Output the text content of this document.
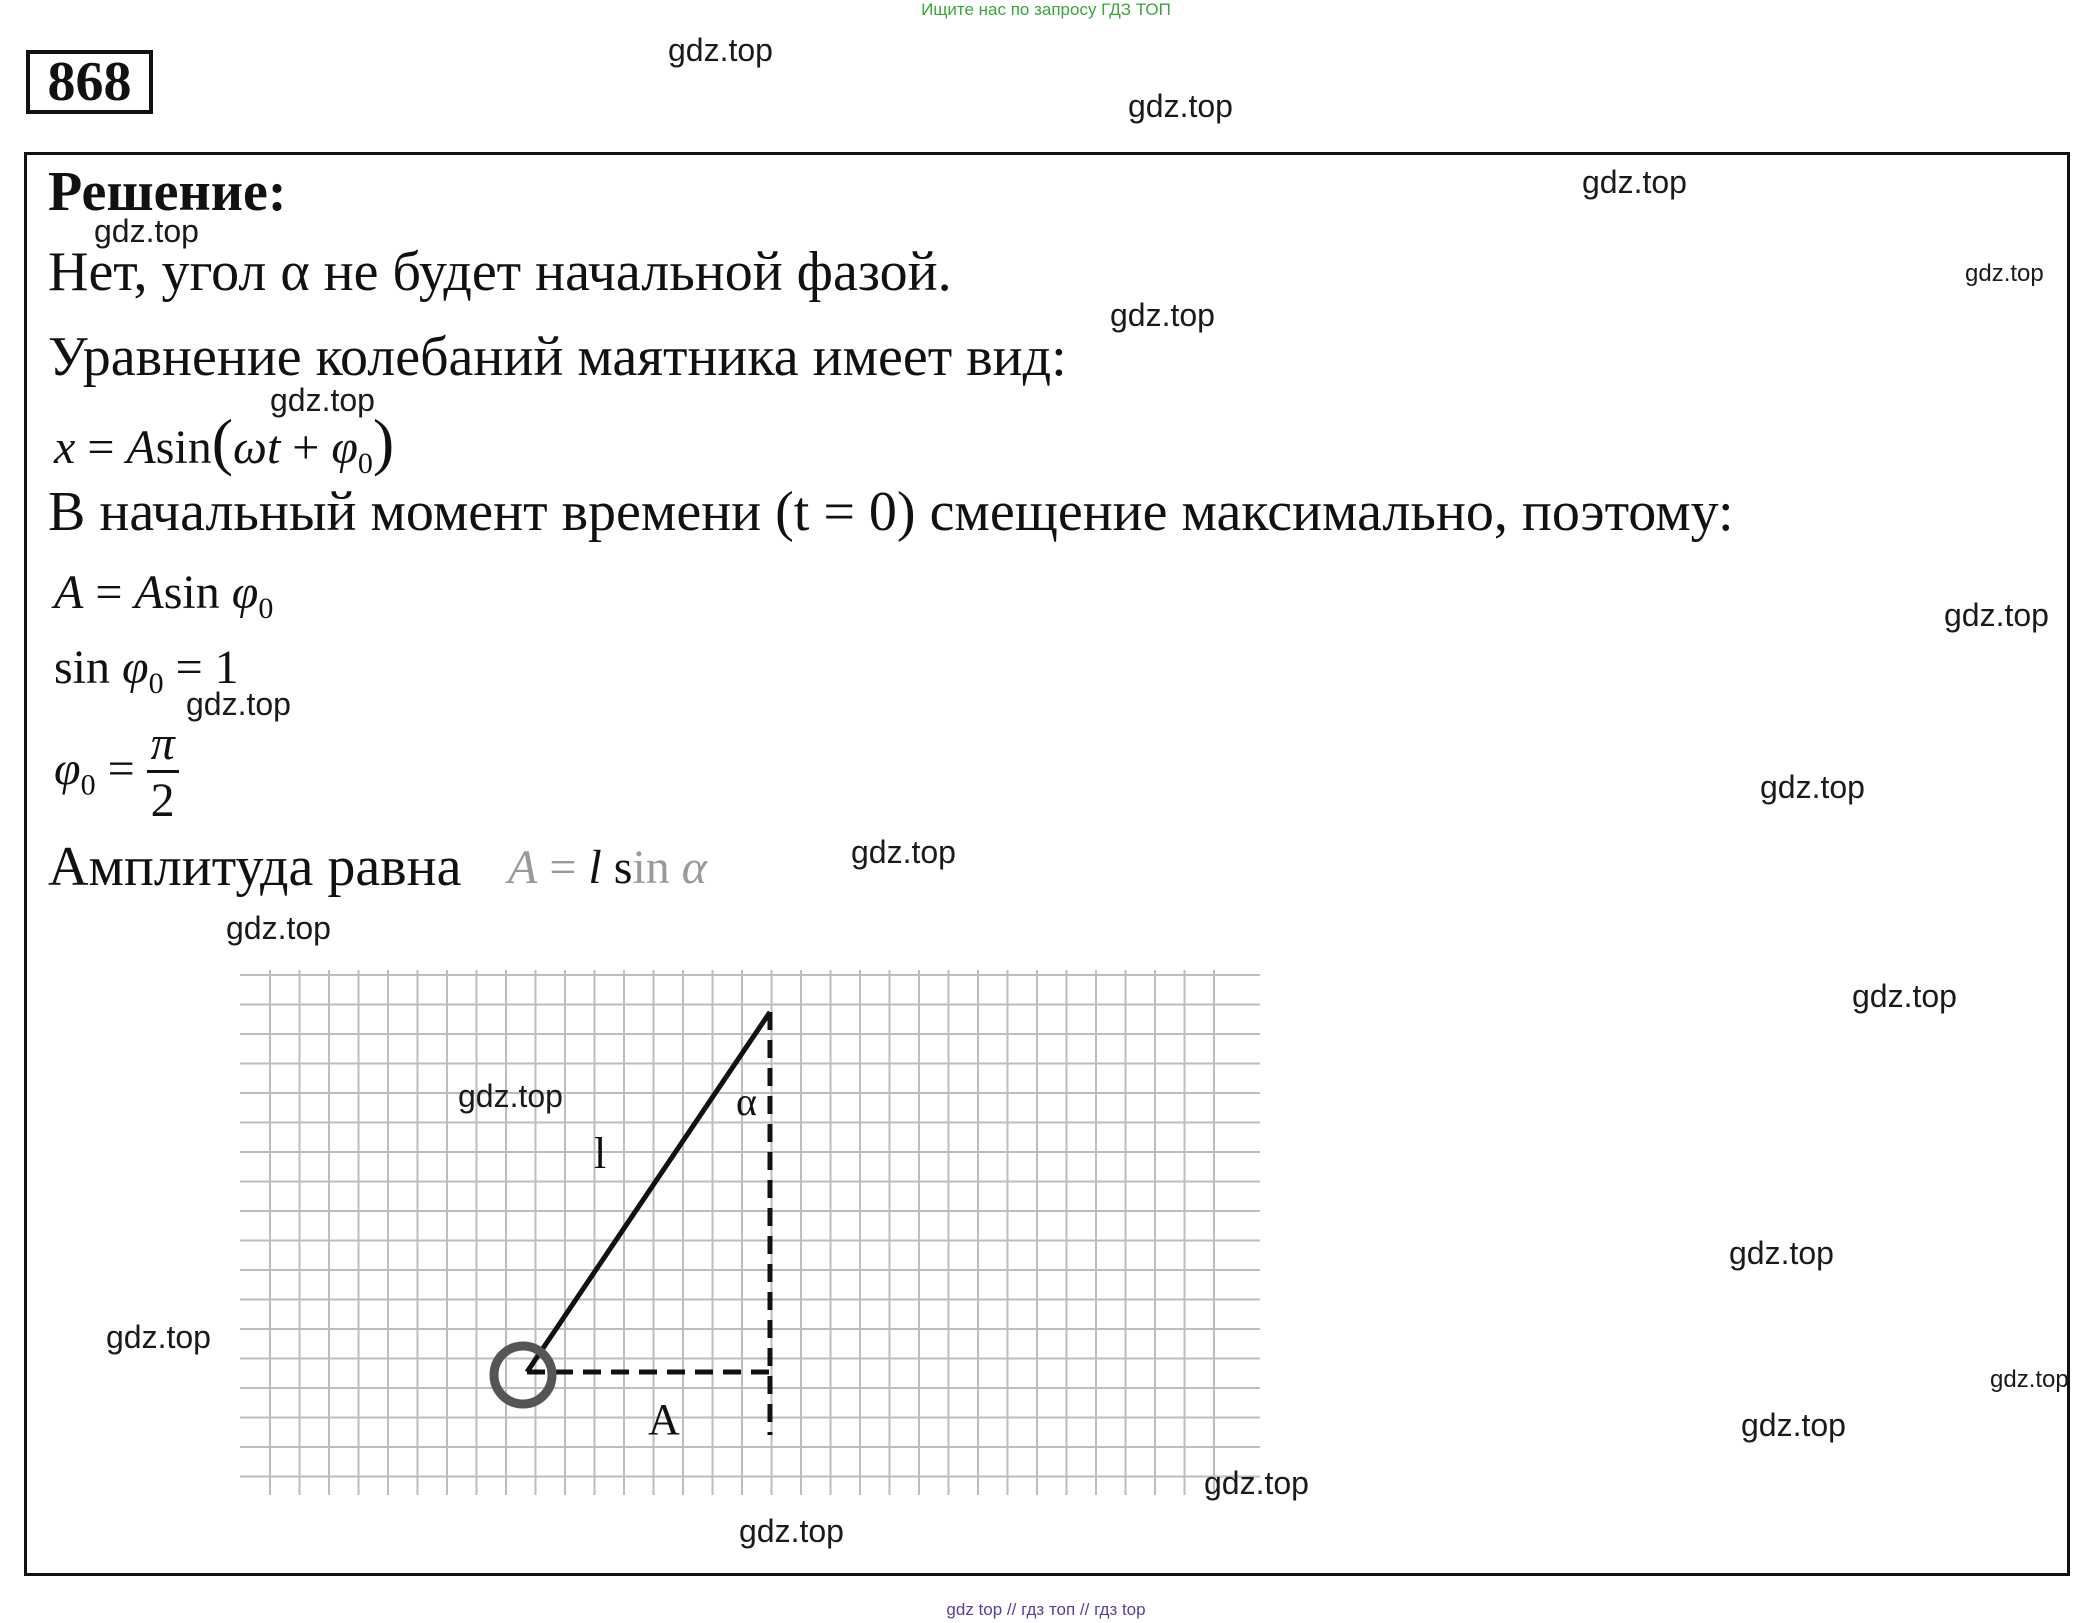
Ищите нас по запросу ГДЗ ТОП
868
Решение:
Нет, угол α не будет начальной фазой.
Уравнение колебаний маятника имеет вид:
$x = Asin(\omega t + \varphi_0)$
В начальный момент времени (t = 0) смещение максимально, поэтому:
A = Asin $\varphi_0$
$\sin \varphi_0 = 1$
$\varphi_0 = \frac{\pi}{2}$
Амплитуда равна A = l sin α
l
α
A
gdz.top
gdz.top
gdz.top
gdz.top
gdz.top
gdz.top
gdz.top
gdz.top
gdz.top
gdz.top
gdz.top
gdz.top
gdz.top
gdz.top
gdz.top
gdz.top
gdz.top
gdz.top
gdz.top
gdz.top
gdz top // гдз топ // гдз top
